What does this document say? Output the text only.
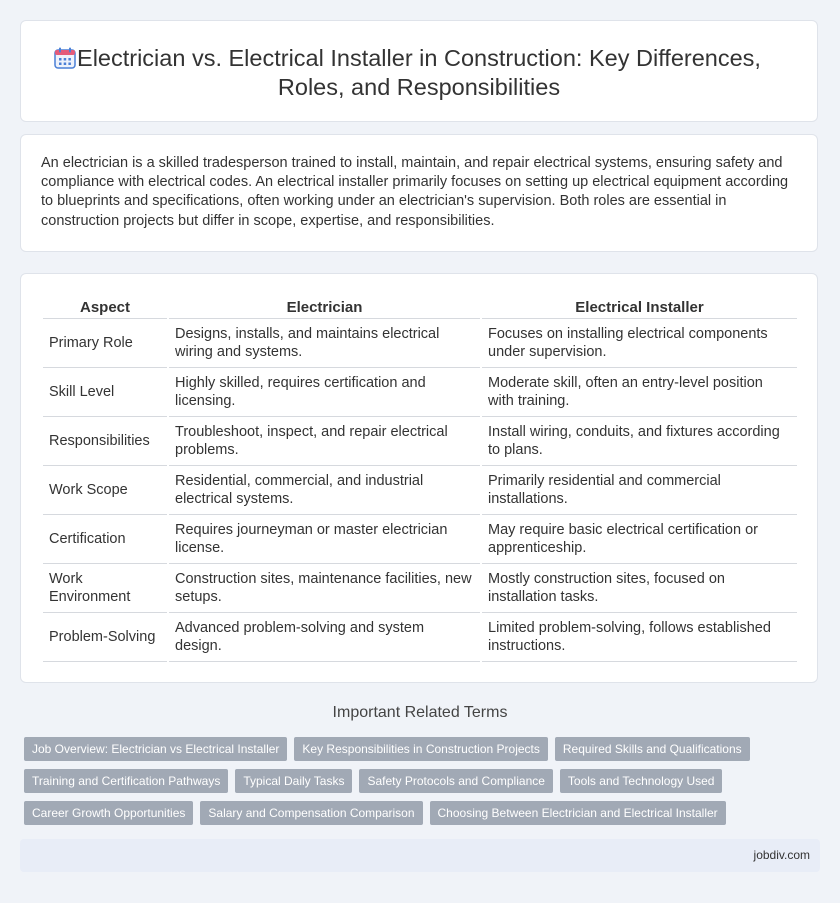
Electrician vs. Electrical Installer in Construction: Key Differences, Roles, and Responsibilities

An electrician is a skilled tradesperson trained to install, maintain, and repair electrical systems, ensuring safety and compliance with electrical codes. An electrical installer primarily focuses on setting up electrical equipment according to blueprints and specifications, often working under an electrician's supervision. Both roles are essential in construction projects but differ in scope, expertise, and responsibilities.

Aspect	Electrician	Electrical Installer
Primary Role	Designs, installs, and maintains electrical wiring and systems.	Focuses on installing electrical components under supervision.
Skill Level	Highly skilled, requires certification and licensing.	Moderate skill, often an entry-level position with training.
Responsibilities	Troubleshoot, inspect, and repair electrical problems.	Install wiring, conduits, and fixtures according to plans.
Work Scope	Residential, commercial, and industrial electrical systems.	Primarily residential and commercial installations.
Certification	Requires journeyman or master electrician license.	May require basic electrical certification or apprenticeship.
Work Environment	Construction sites, maintenance facilities, new setups.	Mostly construction sites, focused on installation tasks.
Problem-Solving	Advanced problem-solving and system design.	Limited problem-solving, follows established instructions.
Important Related Terms
Job Overview: Electrician vs Electrical Installer	Key Responsibilities in Construction Projects	Required Skills and Qualifications
Training and Certification Pathways	Typical Daily Tasks	Safety Protocols and Compliance	Tools and Technology Used
Career Growth Opportunities	Salary and Compensation Comparison	Choosing Between Electrician and Electrical Installer
jobdiv.com
